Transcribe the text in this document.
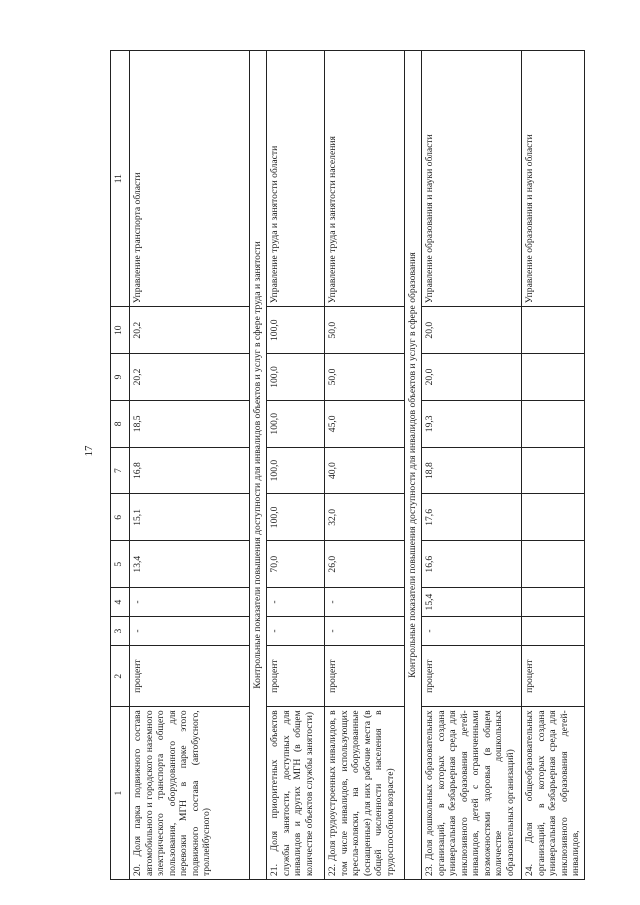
17
1	2	3	4	5	6	7	8	9	10	11
20. Доля парка подвижного состава автомобильного и городского наземного электрического транспорта общего пользования, оборудованного для перевозки МГН в парке этого подвижного состава (автобусного, троллейбусного)	процент	-	-	13,4	15,1	16,8	18,5	20,2	20,2	Управление транспорта области
Контрольные показатели повышения доступности для инвалидов объектов и услуг в сфере труда и занятости										
21. Доля приоритетных объектов службы занятости, доступных для инвалидов и других МГН (в общем количестве объектов службы занятости)	процент	-	-	70,0	100,0	100,0	100,0	100,0	100,0	Управление труда и занятости области
22. Доля трудоустроенных инвалидов, в том числе инвалидов, использующих кресла-коляски, на оборудованные (оснащенные) для них рабочие места (в общей численности населения в трудоспособном возрасте)	процент	-	-	26,0	32,0	40,0	45,0	50,0	50,0	Управление труда и занятости населения
Контрольные показатели повышения доступности для инвалидов объектов и услуг в сфере образования										
23. Доля дошкольных образовательных организаций, в которых создана универсальная безбарьерная среда для инклюзивного образования детей-инвалидов, детей с ограниченными возможностями здоровья (в общем количестве дошкольных образовательных организаций)	процент	-	15,4	16,6	17,6	18,8	19,3	20,0	20,0	Управление образования и науки области
24. Доля общеобразовательных организаций, в которых создана универсальная безбарьерная среда для инклюзивного образования детей-инвалидов,	процент									Управление образования и науки области
